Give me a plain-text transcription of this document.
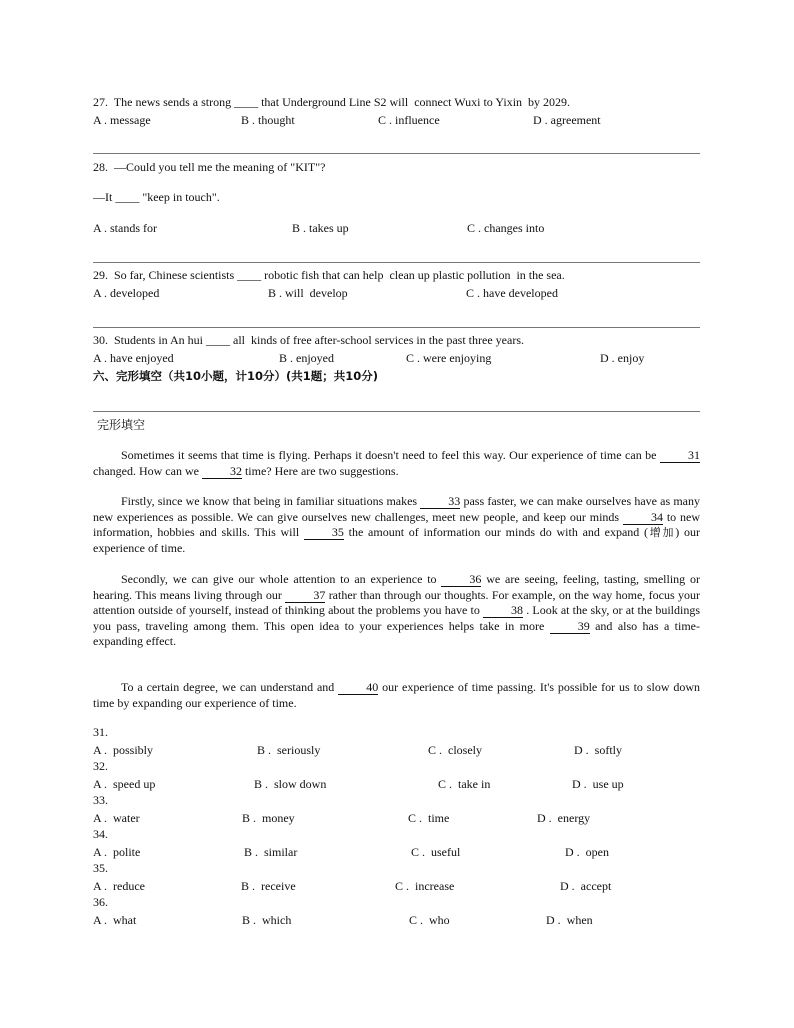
27.  The news sends a strong ____ that Underground Line S2 will  connect Wuxi to Yixin  by 2029.
A . message	B . thought	C . influence	D . agreement
28.  —Could you tell me the meaning of "KIT"?
—It ____ "keep in touch".
A . stands for	B . takes up	C . changes into
29.  So far, Chinese scientists ____ robotic fish that can help  clean up plastic pollution  in the sea.
A . developed	B . will  develop	C . have developed
30.  Students in An hui ____ all  kinds of free after-school services in the past three years.
A . have enjoyed	B . enjoyed	C . were enjoying	D . enjoy
六、完形填空（共10小题，计10分）(共1题；共10分)
完形填空
Sometimes it seems that time is flying. Perhaps it doesn't need to feel this way. Our experience of time can be	31 changed. How can we	32 time? Here are two suggestions.
Firstly, since we know that being in familiar situations makes	33 pass faster, we can make ourselves have as many new experiences as possible. We can give ourselves new challenges, meet new people, and keep our minds	34 to new information, hobbies and skills. This will	35 the amount of information our minds do with and expand (增加) our experience of time.
Secondly, we can give our whole attention to an experience to	36 we are seeing, feeling, tasting, smelling or hearing. This means living through our	37 rather than through our thoughts. For example, on the way home, focus your attention outside of yourself, instead of thinking about the problems you have to	38 . Look at the sky, or at the buildings you pass, traveling among them. This open idea to your experiences helps take in more	39 and also has a time-expanding effect.
To a certain degree, we can understand and	40 our experience of time passing. It's possible for us to slow down time by expanding our experience of time.
31.
A .  possibly	B .  seriously	C .  closely	D .  softly
32.
A .  speed up	B .  slow down	C .  take in	D .  use up
33.
A .  water	B .  money	C .  time	D .  energy
34.
A .  polite	B .  similar	C .  useful	D .  open
35.
A .  reduce	B .  receive	C .  increase	D .  accept
36.
A .  what	B .  which	C .  who	D .  when
